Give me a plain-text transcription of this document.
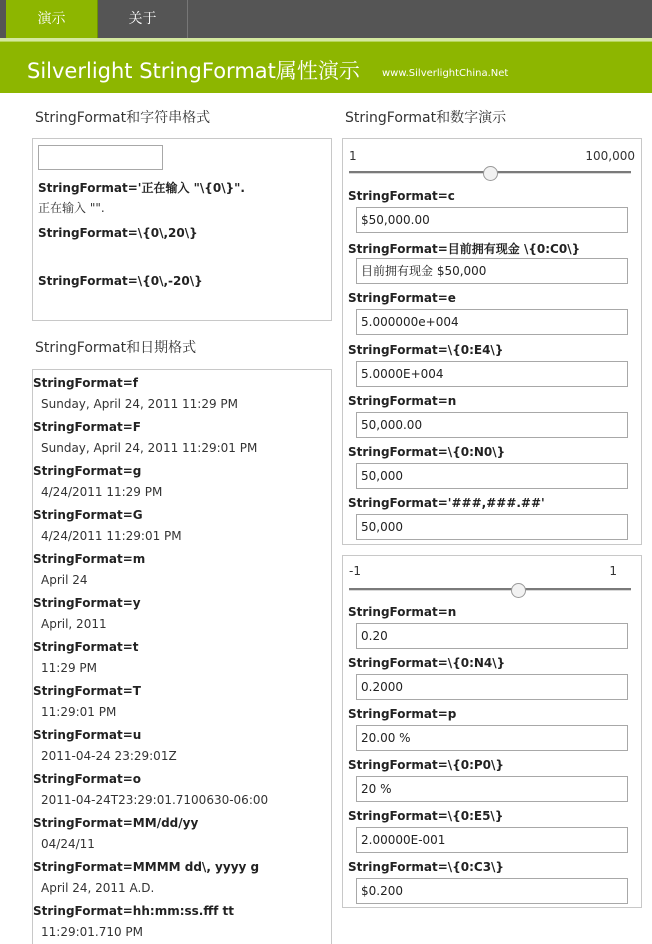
演示	关于
Silverlight StringFormat属性演示 www.SilverlightChina.Net
StringFormat和字符串格式
StringFormat='正在输入 "\{0\}".
正在输入 "".
StringFormat=\{0\,20\}
StringFormat=\{0\,-20\}
StringFormat和日期格式
StringFormat=f
Sunday, April 24, 2011 11:29 PM
StringFormat=F
Sunday, April 24, 2011 11:29:01 PM
StringFormat=g
4/24/2011 11:29 PM
StringFormat=G
4/24/2011 11:29:01 PM
StringFormat=m
April 24
StringFormat=y
April, 2011
StringFormat=t
11:29 PM
StringFormat=T
11:29:01 PM
StringFormat=u
2011-04-24 23:29:01Z
StringFormat=o
2011-04-24T23:29:01.7100630-06:00
StringFormat=MM/dd/yy
04/24/11
StringFormat=MMMM dd\, yyyy g
April 24, 2011 A.D.
StringFormat=hh:mm:ss.fff tt
11:29:01.710 PM
StringFormat和数字演示
1	100,000
StringFormat=c
$50,000.00
StringFormat=目前拥有现金 \{0:C0\}
目前拥有现金 $50,000
StringFormat=e
5.000000e+004
StringFormat=\{0:E4\}
5.0000E+004
StringFormat=n
50,000.00
StringFormat=\{0:N0\}
50,000
StringFormat='###,###.##'
50,000
-1	1
StringFormat=n
0.20
StringFormat=\{0:N4\}
0.2000
StringFormat=p
20.00 %
StringFormat=\{0:P0\}
20 %
StringFormat=\{0:E5\}
2.00000E-001
StringFormat=\{0:C3\}
$0.200
